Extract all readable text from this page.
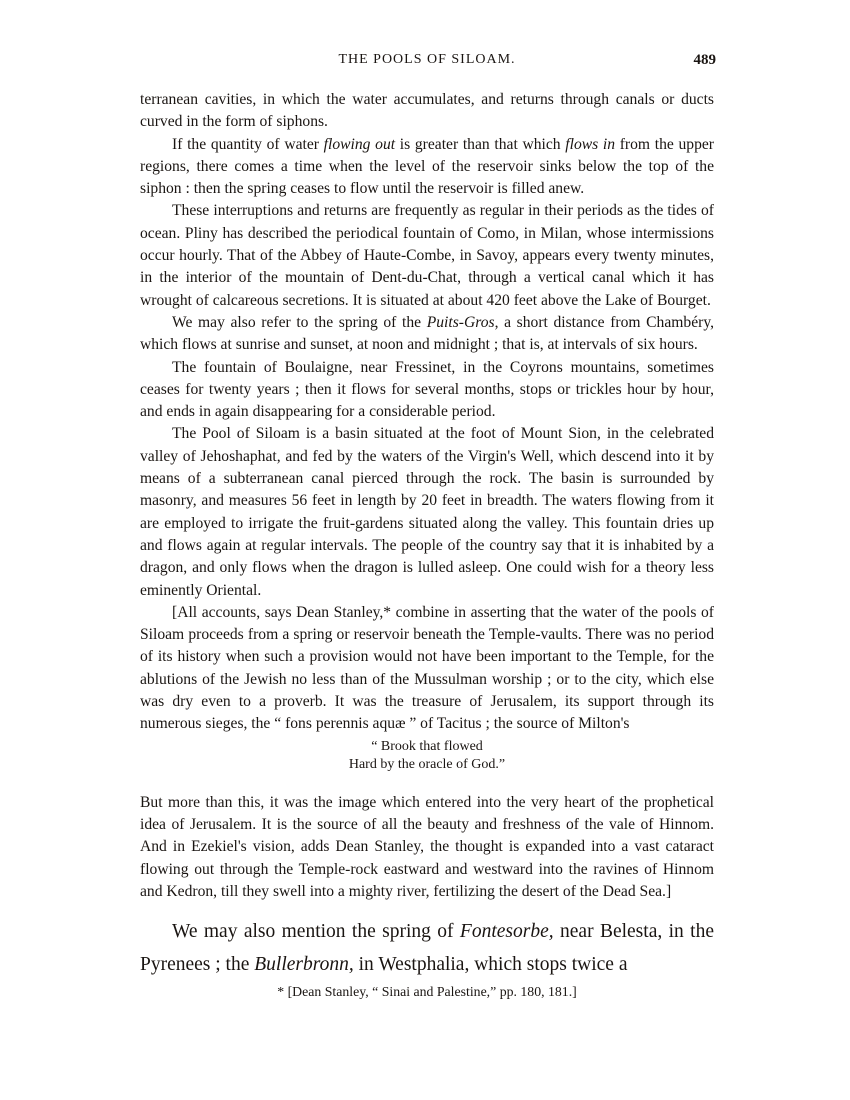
THE POOLS OF SILOAM.	489

terranean cavities, in which the water accumulates, and returns through canals or ducts curved in the form of siphons.

If the quantity of water flowing out is greater than that which flows in from the upper regions, there comes a time when the level of the reservoir sinks below the top of the siphon : then the spring ceases to flow until the reservoir is filled anew.

These interruptions and returns are frequently as regular in their periods as the tides of ocean. Pliny has described the periodical fountain of Como, in Milan, whose intermissions occur hourly. That of the Abbey of Haute-Combe, in Savoy, appears every twenty minutes, in the interior of the mountain of Dent-du-Chat, through a vertical canal which it has wrought of calcareous secretions. It is situated at about 420 feet above the Lake of Bourget.

We may also refer to the spring of the Puits-Gros, a short distance from Chambéry, which flows at sunrise and sunset, at noon and midnight ; that is, at intervals of six hours.

The fountain of Boulaigne, near Fressinet, in the Coyrons mountains, sometimes ceases for twenty years ; then it flows for several months, stops or trickles hour by hour, and ends in again disappearing for a considerable period.

The Pool of Siloam is a basin situated at the foot of Mount Sion, in the celebrated valley of Jehoshaphat, and fed by the waters of the Virgin's Well, which descend into it by means of a subterranean canal pierced through the rock. The basin is surrounded by masonry, and measures 56 feet in length by 20 feet in breadth. The waters flowing from it are employed to irrigate the fruit-gardens situated along the valley. This fountain dries up and flows again at regular intervals. The people of the country say that it is inhabited by a dragon, and only flows when the dragon is lulled asleep. One could wish for a theory less eminently Oriental.

[All accounts, says Dean Stanley,* combine in asserting that the water of the pools of Siloam proceeds from a spring or reservoir beneath the Temple-vaults. There was no period of its history when such a provision would not have been important to the Temple, for the ablutions of the Jewish no less than of the Mussulman worship ; or to the city, which else was dry even to a proverb. It was the treasure of Jerusalem, its support through its numerous sieges, the “ fons perennis aquæ ” of Tacitus ; the source of Milton's

“ Brook that flowed
Hard by the oracle of God.”

But more than this, it was the image which entered into the very heart of the prophetical idea of Jerusalem. It is the source of all the beauty and freshness of the vale of Hinnom. And in Ezekiel's vision, adds Dean Stanley, the thought is expanded into a vast cataract flowing out through the Temple-rock eastward and westward into the ravines of Hinnom and Kedron, till they swell into a mighty river, fertilizing the desert of the Dead Sea.]

We may also mention the spring of Fontesorbe, near Belesta, in the Pyrenees ; the Bullerbronn, in Westphalia, which stops twice a

* [Dean Stanley, “ Sinai and Palestine,” pp. 180, 181.]
